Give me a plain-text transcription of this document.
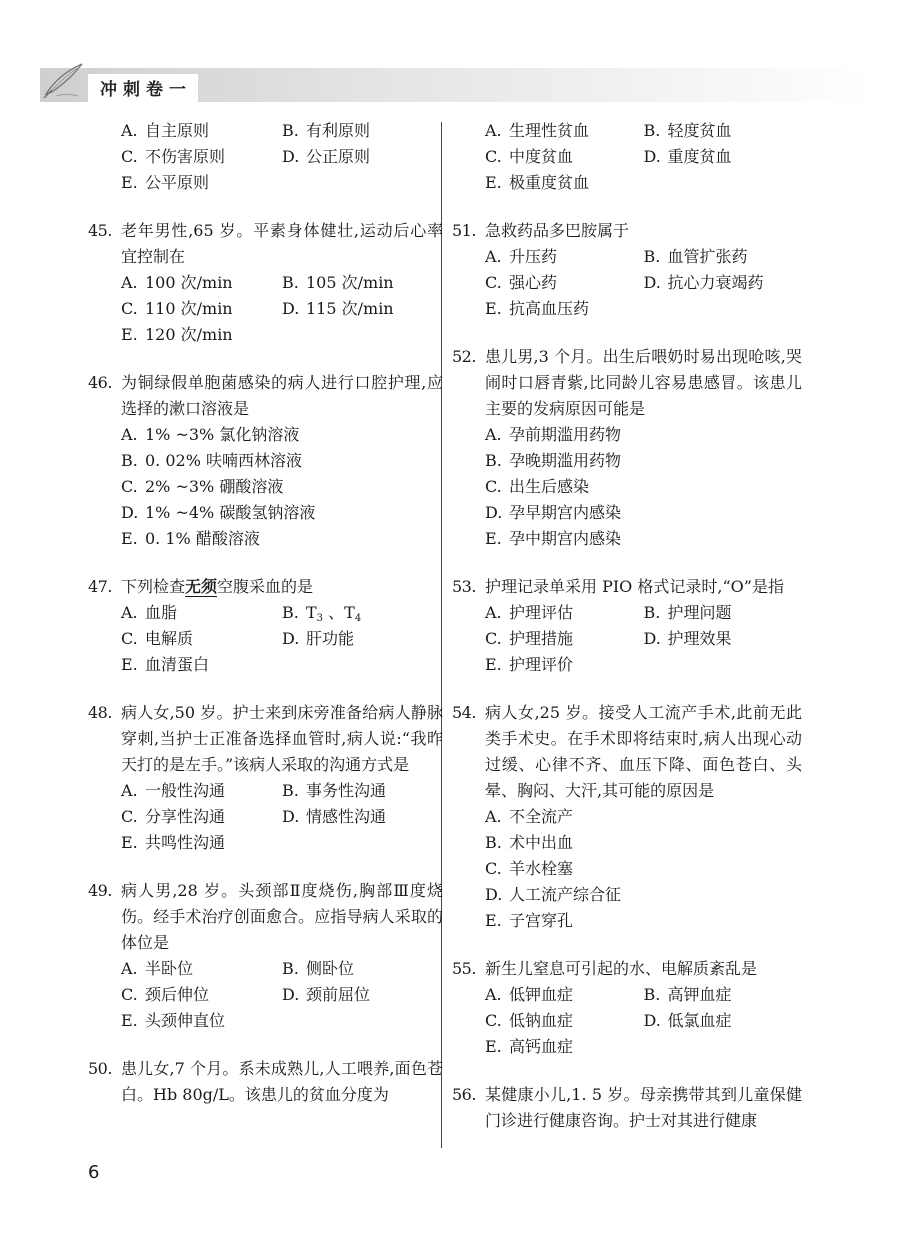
冲刺卷一
A. 自主原则	B. 有利原则
C. 不伤害原则	D. 公正原则
E. 公平原则
45. 老年男性,65 岁。平素身体健壮,运动后心率宜控制在
A. 100 次/min	B. 105 次/min
C. 110 次/min	D. 115 次/min
E. 120 次/min
46. 为铜绿假单胞菌感染的病人进行口腔护理,应选择的漱口溶液是
A. 1% ~3% 氯化钠溶液
B. 0. 02% 呋喃西林溶液
C. 2% ~3% 硼酸溶液
D. 1% ~4% 碳酸氢钠溶液
E. 0. 1% 醋酸溶液
47. 下列检查无须空腹采血的是
A. 血脂	B. $T_3$ 、$T_4$
C. 电解质	D. 肝功能
E. 血清蛋白
48. 病人女,50 岁。护士来到床旁准备给病人静脉穿刺,当护士正准备选择血管时,病人说:“我昨天打的是左手。”该病人采取的沟通方式是
A. 一般性沟通	B. 事务性沟通
C. 分享性沟通	D. 情感性沟通
E. 共鸣性沟通
49. 病人男,28 岁。头颈部Ⅱ度烧伤,胸部Ⅲ度烧伤。经手术治疗创面愈合。应指导病人采取的体位是
A. 半卧位	B. 侧卧位
C. 颈后伸位	D. 颈前屈位
E. 头颈伸直位
50. 患儿女,7 个月。系未成熟儿,人工喂养,面色苍白。Hb 80g/L。该患儿的贫血分度为
A. 生理性贫血	B. 轻度贫血
C. 中度贫血	D. 重度贫血
E. 极重度贫血
51. 急救药品多巴胺属于
A. 升压药	B. 血管扩张药
C. 强心药	D. 抗心力衰竭药
E. 抗高血压药
52. 患儿男,3 个月。出生后喂奶时易出现呛咳,哭闹时口唇青紫,比同龄儿容易患感冒。该患儿主要的发病原因可能是
A. 孕前期滥用药物
B. 孕晚期滥用药物
C. 出生后感染
D. 孕早期宫内感染
E. 孕中期宫内感染
53. 护理记录单采用 PIO 格式记录时,“O”是指
A. 护理评估	B. 护理问题
C. 护理措施	D. 护理效果
E. 护理评价
54. 病人女,25 岁。接受人工流产手术,此前无此类手术史。在手术即将结束时,病人出现心动过缓、心律不齐、血压下降、面色苍白、头晕、胸闷、大汗,其可能的原因是
A. 不全流产
B. 术中出血
C. 羊水栓塞
D. 人工流产综合征
E. 子宫穿孔
55. 新生儿窒息可引起的水、电解质紊乱是
A. 低钾血症	B. 高钾血症
C. 低钠血症	D. 低氯血症
E. 高钙血症
56. 某健康小儿,1. 5 岁。母亲携带其到儿童保健门诊进行健康咨询。护士对其进行健康
6
